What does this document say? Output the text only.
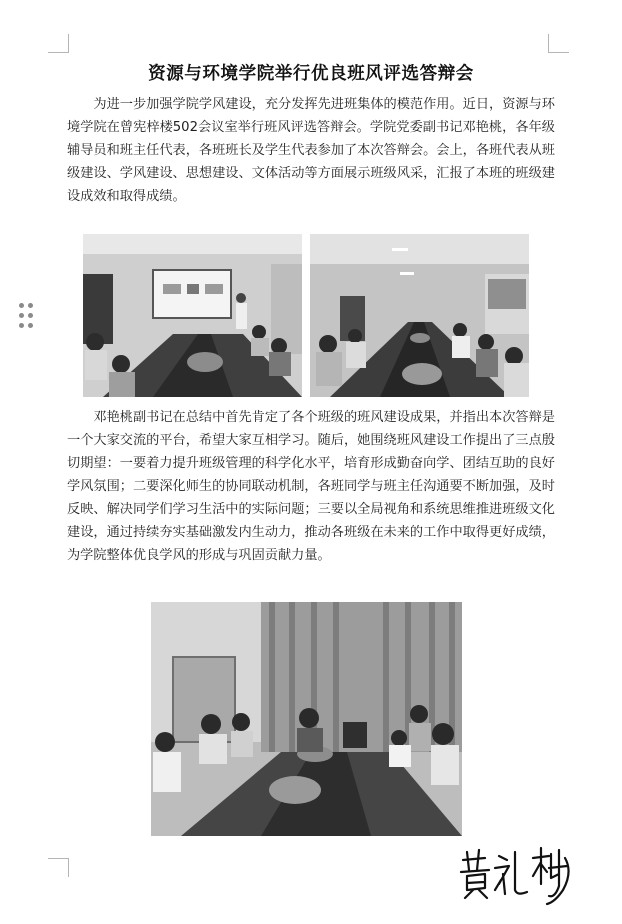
资源与环境学院举行优良班风评选答辩会

为进一步加强学院学风建设，充分发挥先进班集体的模范作用。近日，资源与环境学院在曾宪梓楼502会议室举行班风评选答辩会。学院党委副书记邓艳桃，各年级辅导员和班主任代表，各班班长及学生代表参加了本次答辩会。会上，各班代表从班级建设、学风建设、思想建设、文体活动等方面展示班级风采，汇报了本班的班级建设成效和取得成绩。

邓艳桃副书记在总结中首先肯定了各个班级的班风建设成果，并指出本次答辩是一个大家交流的平台，希望大家互相学习。随后，她围绕班风建设工作提出了三点殷切期望：一要着力提升班级管理的科学化水平，培育形成勤奋向学、团结互助的良好学风氛围；二要深化师生的协同联动机制，各班同学与班主任沟通要不断加强，及时反映、解决同学们学习生活中的实际问题；三要以全局视角和系统思维推进班级文化建设，通过持续夯实基础激发内生动力，推动各班级在未来的工作中取得更好成绩，为学院整体优良学风的形成与巩固贡献力量。
